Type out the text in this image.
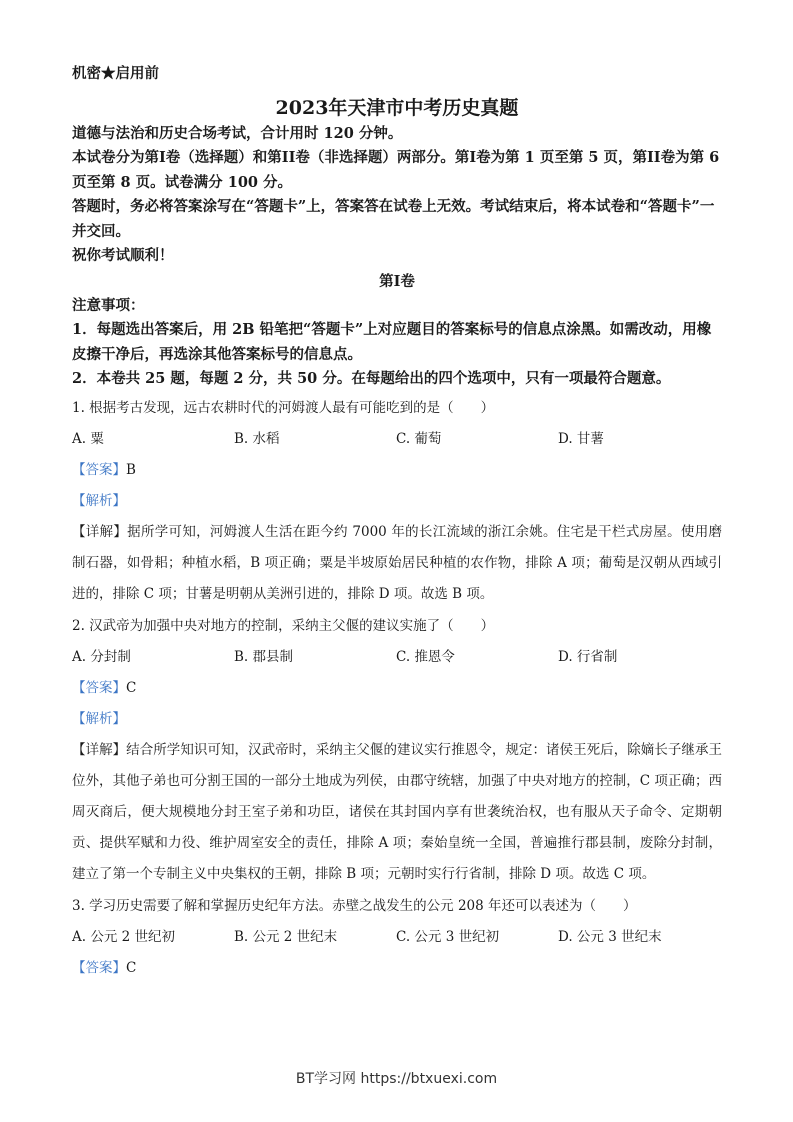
机密★启用前
2023年天津市中考历史真题
道德与法治和历史合场考试，合计用时 120 分钟。
本试卷分为第I卷（选择题）和第II卷（非选择题）两部分。第I卷为第 1 页至第 5 页，第II卷为第 6 页至第 8 页。试卷满分 100 分。
答题时，务必将答案涂写在“答题卡”上，答案答在试卷上无效。考试结束后，将本试卷和“答题卡”一并交回。
祝你考试顺利！
第I卷
注意事项：
1．每题选出答案后，用 2B 铅笔把“答题卡”上对应题目的答案标号的信息点涂黑。如需改动，用橡皮擦干净后，再选涂其他答案标号的信息点。
2．本卷共 25 题，每题 2 分，共 50 分。在每题给出的四个选项中，只有一项最符合题意。
1. 根据考古发现，远古农耕时代的河姆渡人最有可能吃到的是（　　）
A. 粟	B. 水稻	C. 葡萄	D. 甘薯
【答案】B
【解析】
【详解】据所学可知，河姆渡人生活在距今约 7000 年的长江流域的浙江余姚。住宅是干栏式房屋。使用磨制石器，如骨耜；种植水稻，B 项正确；粟是半坡原始居民种植的农作物，排除 A 项；葡萄是汉朝从西域引进的，排除 C 项；甘薯是明朝从美洲引进的，排除 D 项。故选 B 项。
2. 汉武帝为加强中央对地方的控制，采纳主父偃的建议实施了（　　）
A. 分封制	B. 郡县制	C. 推恩令	D. 行省制
【答案】C
【解析】
【详解】结合所学知识可知，汉武帝时，采纳主父偃的建议实行推恩令，规定：诸侯王死后，除嫡长子继承王位外，其他子弟也可分割王国的一部分土地成为列侯，由郡守统辖，加强了中央对地方的控制，C 项正确；西周灭商后，便大规模地分封王室子弟和功臣，诸侯在其封国内享有世袭统治权，也有服从天子命令、定期朝贡、提供军赋和力役、维护周室安全的责任，排除 A 项；秦始皇统一全国，普遍推行郡县制，废除分封制，建立了第一个专制主义中央集权的王朝，排除 B 项；元朝时实行行省制，排除 D 项。故选 C 项。
3. 学习历史需要了解和掌握历史纪年方法。赤壁之战发生的公元 208 年还可以表述为（　　）
A. 公元 2 世纪初	B. 公元 2 世纪末	C. 公元 3 世纪初	D. 公元 3 世纪末
【答案】C
BT学习网 https://btxuexi.com
